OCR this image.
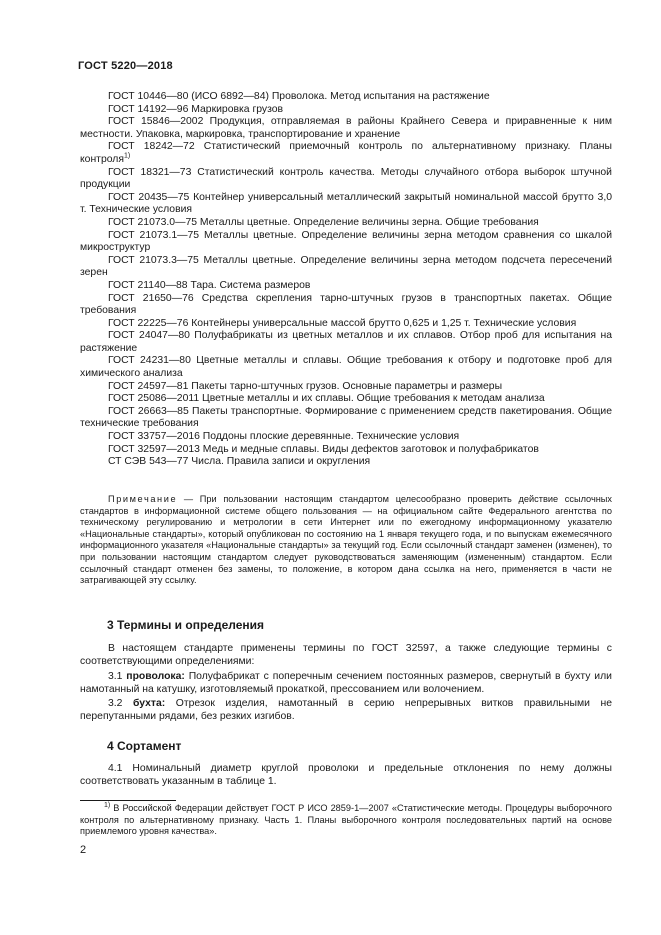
ГОСТ 5220—2018

ГОСТ 10446—80 (ИСО 6892—84) Проволока. Метод испытания на растяжение

ГОСТ 14192—96 Маркировка грузов

ГОСТ 15846—2002 Продукция, отправляемая в районы Крайнего Севера и приравненные к ним местности. Упаковка, маркировка, транспортирование и хранение

ГОСТ 18242—72 Статистический приемочный контроль по альтернативному признаку. Планы контроля$^{1)}$

ГОСТ 18321—73 Статистический контроль качества. Методы случайного отбора выборок штучной продукции

ГОСТ 20435—75 Контейнер универсальный металлический закрытый номинальной массой брутто 3,0 т. Технические условия

ГОСТ 21073.0—75 Металлы цветные. Определение величины зерна. Общие требования

ГОСТ 21073.1—75 Металлы цветные. Определение величины зерна методом сравнения со шкалой микроструктур

ГОСТ 21073.3—75 Металлы цветные. Определение величины зерна методом подсчета пересечений зерен

ГОСТ 21140—88 Тара. Система размеров

ГОСТ 21650—76 Средства скрепления тарно-штучных грузов в транспортных пакетах. Общие требования

ГОСТ 22225—76 Контейнеры универсальные массой брутто 0,625 и 1,25 т. Технические условия

ГОСТ 24047—80 Полуфабрикаты из цветных металлов и их сплавов. Отбор проб для испытания на растяжение

ГОСТ 24231—80 Цветные металлы и сплавы. Общие требования к отбору и подготовке проб для химического анализа

ГОСТ 24597—81 Пакеты тарно-штучных грузов. Основные параметры и размеры

ГОСТ 25086—2011 Цветные металлы и их сплавы. Общие требования к методам анализа

ГОСТ 26663—85 Пакеты транспортные. Формирование с применением средств пакетирования. Общие технические требования

ГОСТ 33757—2016 Поддоны плоские деревянные. Технические условия

ГОСТ 32597—2013 Медь и медные сплавы. Виды дефектов заготовок и полуфабрикатов

СТ СЭВ 543—77 Числа. Правила записи и округления

Примечание — При пользовании настоящим стандартом целесообразно проверить действие ссылочных стандартов в информационной системе общего пользования — на официальном сайте Федерального агентства по техническому регулированию и метрологии в сети Интернет или по ежегодному информационному указателю «Национальные стандарты», который опубликован по состоянию на 1 января текущего года, и по выпускам ежемесячного информационного указателя «Национальные стандарты» за текущий год. Если ссылочный стандарт заменен (изменен), то при пользовании настоящим стандартом следует руководствоваться заменяющим (измененным) стандартом. Если ссылочный стандарт отменен без замены, то положение, в котором дана ссылка на него, применяется в части не затрагивающей эту ссылку.

3 Термины и определения

В настоящем стандарте применены термины по ГОСТ 32597, а также следующие термины с соответствующими определениями:

3.1 проволока: Полуфабрикат с поперечным сечением постоянных размеров, свернутый в бухту или намотанный на катушку, изготовляемый прокаткой, прессованием или волочением.

3.2 бухта: Отрезок изделия, намотанный в серию непрерывных витков правильными не перепутанными рядами, без резких изгибов.

4 Сортамент

4.1 Номинальный диаметр круглой проволоки и предельные отклонения по нему должны соответствовать указанным в таблице 1.

$^{1)}$ В Российской Федерации действует ГОСТ Р ИСО 2859-1—2007 «Статистические методы. Процедуры выборочного контроля по альтернативному признаку. Часть 1. Планы выборочного контроля последовательных партий на основе приемлемого уровня качества».

2
